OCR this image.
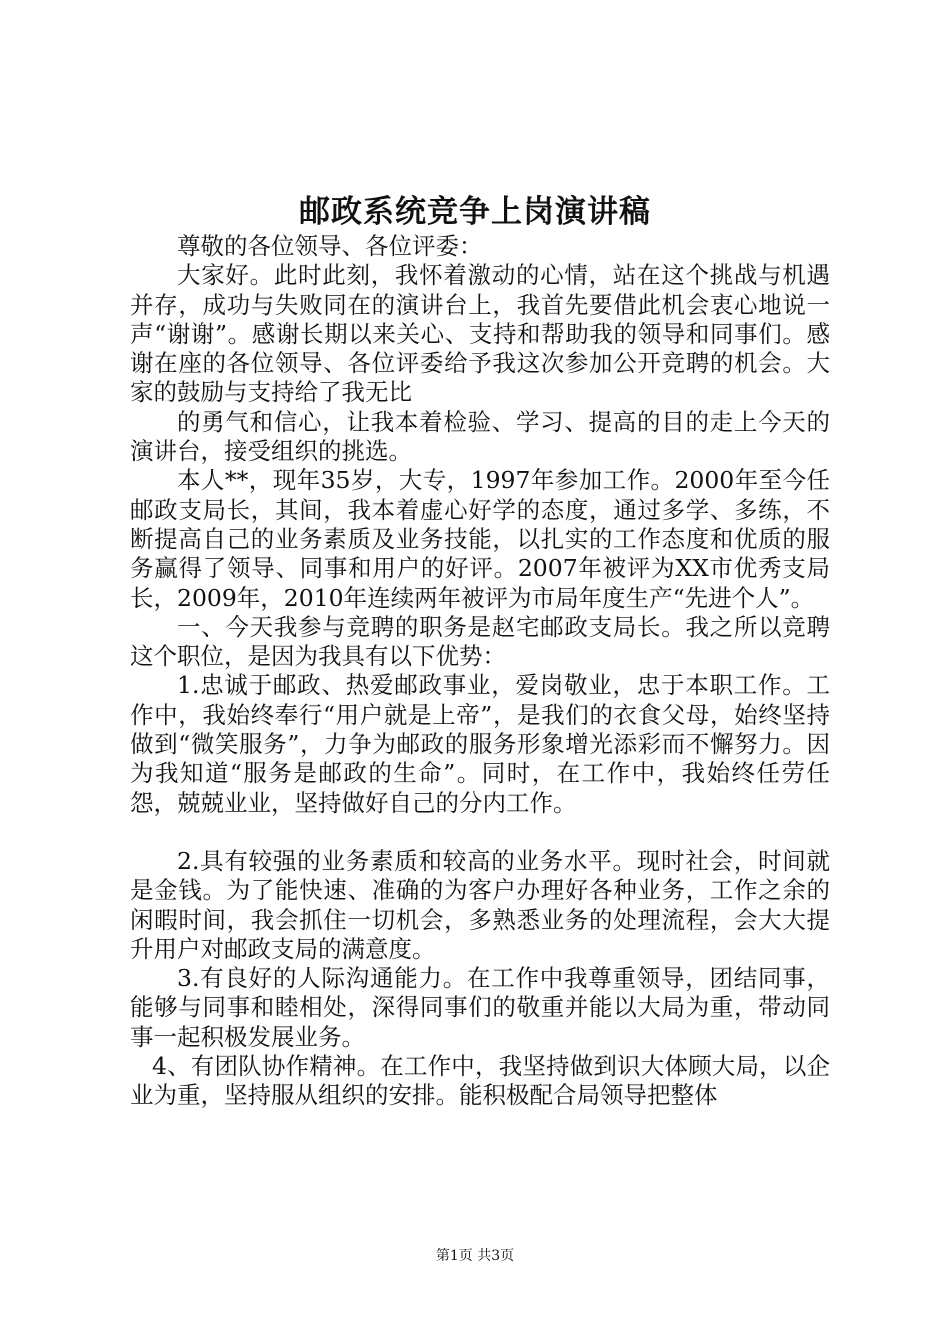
邮政系统竞争上岗演讲稿

尊敬的各位领导、各位评委：

大家好。此时此刻，我怀着激动的心情，站在这个挑战与机遇并存，成功与失败同在的演讲台上，我首先要借此机会衷心地说一声“谢谢”。感谢长期以来关心、支持和帮助我的领导和同事们。感谢在座的各位领导、各位评委给予我这次参加公开竞聘的机会。大家的鼓励与支持给了我无比

的勇气和信心，让我本着检验、学习、提高的目的走上今天的演讲台，接受组织的挑选。

本人**，现年35岁，大专，1997年参加工作。2000年至今任邮政支局长，其间，我本着虚心好学的态度，通过多学、多练，不断提高自己的业务素质及业务技能，以扎实的工作态度和优质的服务赢得了领导、同事和用户的好评。2007年被评为XX市优秀支局长，2009年，2010年连续两年被评为市局年度生产“先进个人”。

一、今天我参与竞聘的职务是赵宅邮政支局长。我之所以竞聘这个职位，是因为我具有以下优势：

1.忠诚于邮政、热爱邮政事业，爱岗敬业，忠于本职工作。工作中，我始终奉行“用户就是上帝”，是我们的衣食父母，始终坚持做到“微笑服务”，力争为邮政的服务形象增光添彩而不懈努力。因为我知道“服务是邮政的生命”。同时，在工作中，我始终任劳任怨，兢兢业业，坚持做好自己的分内工作。

2.具有较强的业务素质和较高的业务水平。现时社会，时间就是金钱。为了能快速、准确的为客户办理好各种业务，工作之余的闲暇时间，我会抓住一切机会，多熟悉业务的处理流程，会大大提升用户对邮政支局的满意度。

3.有良好的人际沟通能力。在工作中我尊重领导，团结同事，能够与同事和睦相处，深得同事们的敬重并能以大局为重，带动同事一起积极发展业务。

4、有团队协作精神。在工作中，我坚持做到识大体顾大局，以企业为重，坚持服从组织的安排。能积极配合局领导把整体

第1页 共3页
